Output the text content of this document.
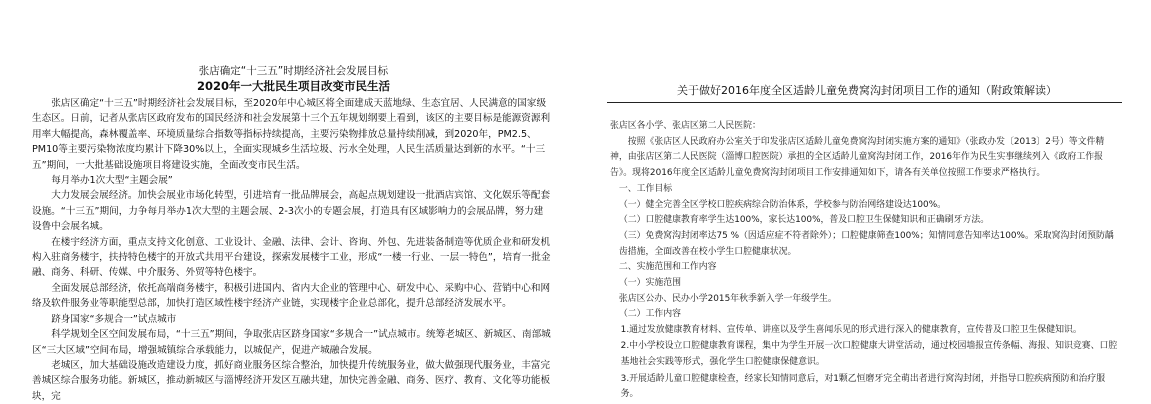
张店确定“十三五”时期经济社会发展目标
2020年一大批民生项目改变市民生活

张店区确定“十三五”时期经济社会发展目标，至2020年中心城区将全面建成天蓝地绿、生态宜居、人民满意的国家级生态区。日前，记者从张店区政府发布的国民经济和社会发展第十三个五年规划纲要上看到，该区的主要目标是能源资源利用率大幅提高，森林覆盖率、环境质量综合指数等指标持续提高，主要污染物排放总量持续削减，到2020年，PM2.5、PM10等主要污染物浓度均累计下降30%以上，全面实现城乡生活垃圾、污水全处理，人民生活质量达到新的水平。“十三五”期间，一大批基础设施项目将建设实施，全面改变市民生活。

每月举办1次大型“主题会展”

大力发展会展经济。加快会展业市场化转型，引进培育一批品牌展会，高起点规划建设一批酒店宾馆、文化娱乐等配套设施。“十三五”期间，力争每月举办1次大型的主题会展、2-3次小的专题会展，打造具有区域影响力的会展品牌，努力建设鲁中会展名城。

在楼宇经济方面，重点支持文化创意、工业设计、金融、法律、会计、咨询、外包、先进装备制造等优质企业和研发机构入驻商务楼宇，扶持特色楼宇的开放式共用平台建设，探索发展楼宇工业，形成“一楼一行业、一层一特色”，培育一批金融、商务、科研、传媒、中介服务、外贸等特色楼宇。

全面发展总部经济，依托高端商务楼宇，积极引进国内、省内大企业的管理中心、研发中心、采购中心、营销中心和网络及软件服务业等职能型总部，加快打造区域性楼宇经济产业链，实现楼宇企业总部化，提升总部经济发展水平。

跻身国家“多规合一”试点城市

科学规划全区空间发展布局，“十三五”期间，争取张店区跻身国家“多规合一”试点城市。统筹老城区、新城区、南部城区“三大区域”空间布局，增强城镇综合承载能力，以城促产，促进产城融合发展。

老城区，加大基础设施改造建设力度，抓好商业服务区综合整治，加快提升传统服务业，做大做强现代服务业，丰富完善城区综合服务功能。新城区，推动新城区与淄博经济开发区互融共建，加快完善金融、商务、医疗、教育、文化等功能板块，完

关于做好2016年度全区适龄儿童免费窝沟封闭项目工作的通知（附政策解读）

张店区各小学、张店区第二人民医院：

按照《张店区人民政府办公室关于印发张店区适龄儿童免费窝沟封闭实施方案的通知》（张政办发〔2013〕2号）等文件精神，由张店区第二人民医院（淄博口腔医院）承担的全区适龄儿童窝沟封闭工作，2016年作为民生实事继续列入《政府工作报告》。现将2016年度全区适龄儿童免费窝沟封闭项目工作安排通知如下，请各有关单位按照工作要求严格执行。

一、工作目标

（一）健全完善全区学校口腔疾病综合防治体系，学校参与防治网络建设达100%。

（二）口腔健康教育率学生达100%，家长达100%，普及口腔卫生保健知识和正确刷牙方法。

（三）免费窝沟封闭率达75 %（因适应症不符者除外）；口腔健康筛查100%；知情同意告知率达100%。采取窝沟封闭预防龋齿措施，全面改善在校小学生口腔健康状况。

二、实施范围和工作内容

（一）实施范围

张店区公办、民办小学2015年秋季新入学一年级学生。

（二）工作内容

1.通过发放健康教育材料、宣传单、讲座以及学生喜闻乐见的形式进行深入的健康教育，宣传普及口腔卫生保健知识。

2.中小学校设立口腔健康教育课程，集中为学生开展一次口腔健康大讲堂活动，通过校园墙报宣传条幅、海报、知识竞赛、口腔基地社会实践等形式，强化学生口腔健康保健意识。

3.开展适龄儿童口腔健康检查，经家长知情同意后，对1颗乙恒磨牙完全萌出者进行窝沟封闭，并指导口腔疾病预防和治疗服务。
